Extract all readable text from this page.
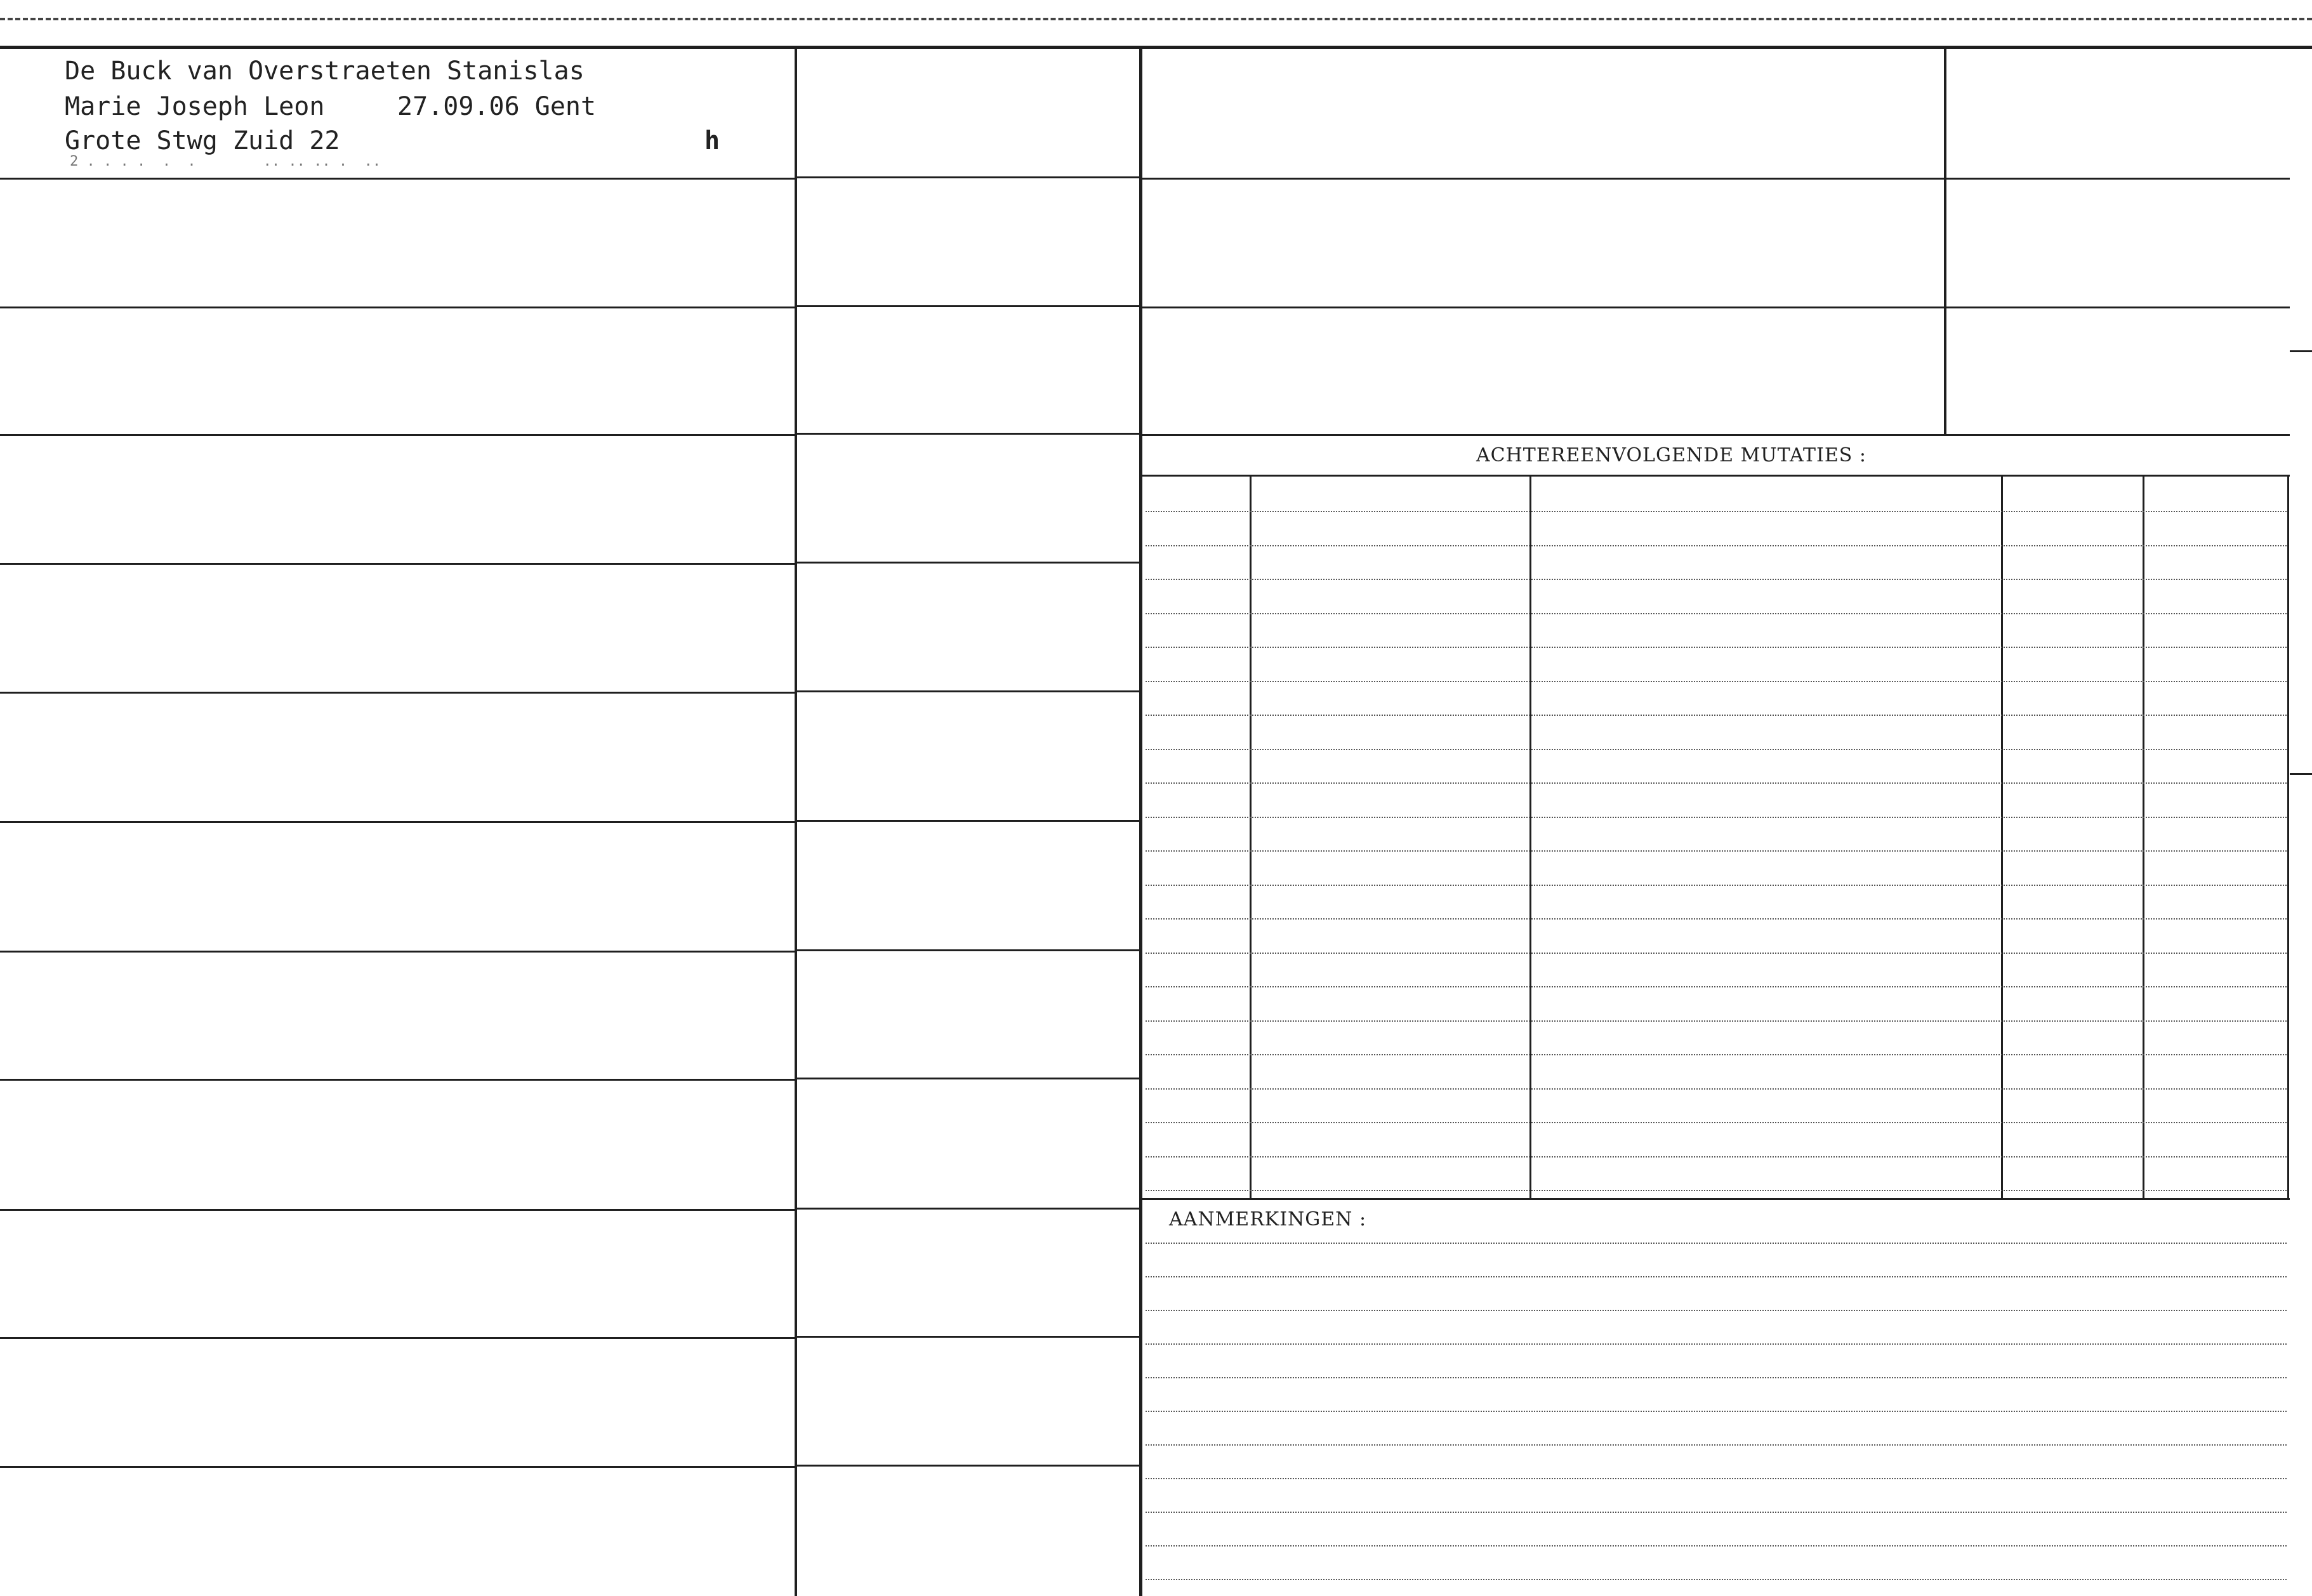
De Buck van Overstraeten Stanislas
Marie Joseph Leon	27.09.06 Gent
Grote Stwg Zuid 22	h
2 . . . .  .  .        .. .. .. .  ..
ACHTEREENVOLGENDE MUTATIES :
AANMERKINGEN :
